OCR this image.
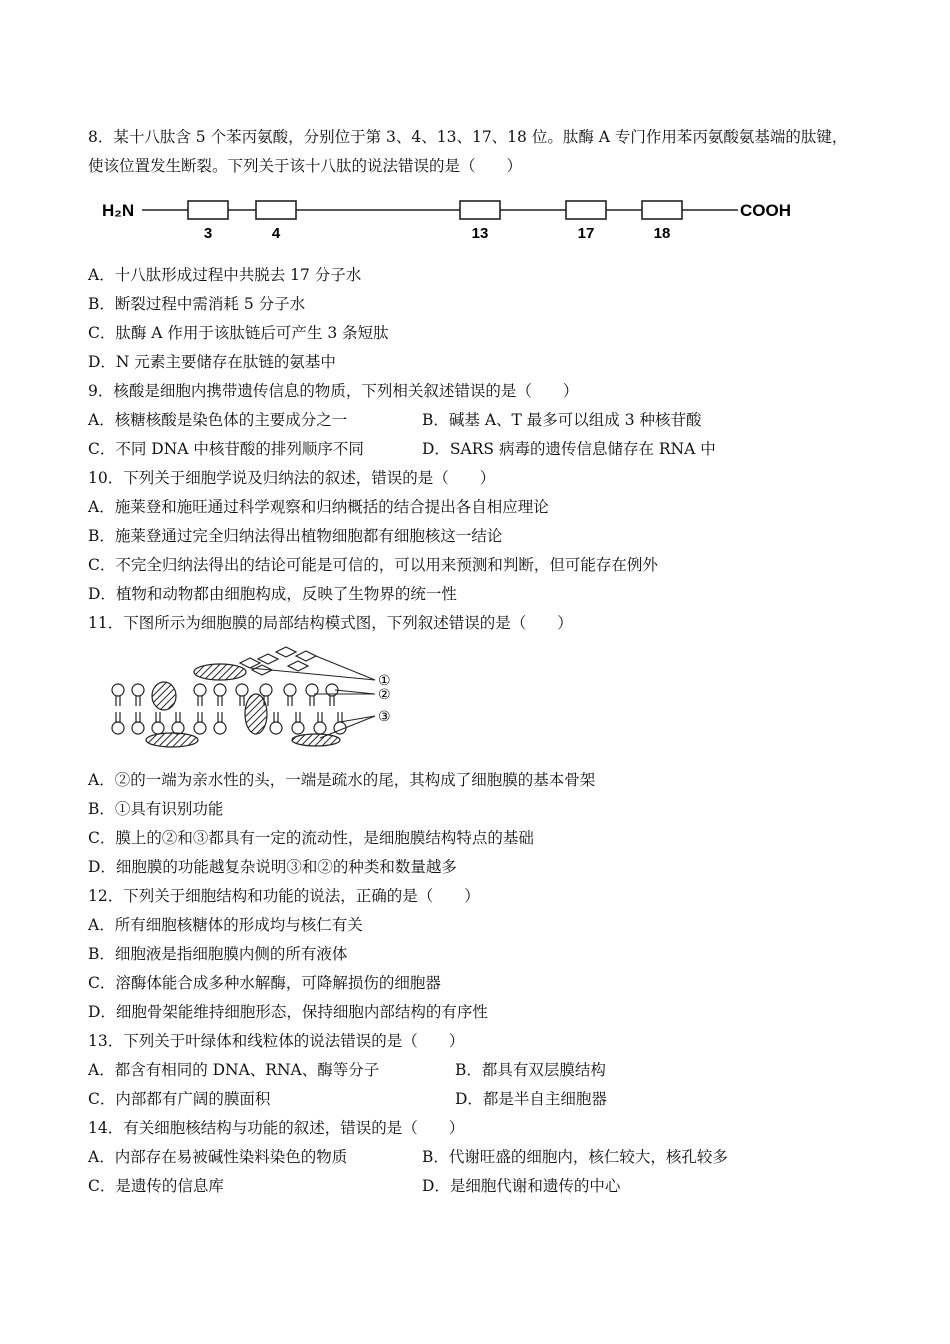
8．某十八肽含 5 个苯丙氨酸，分别位于第 3、4、13、17、18 位。肽酶 A 专门作用苯丙氨酸氨基端的肽键，
使该位置发生断裂。下列关于该十八肽的说法错误的是（　　）
H₂N
3	4	13	17	18
COOH
A．十八肽形成过程中共脱去 17 分子水
B．断裂过程中需消耗 5 分子水
C．肽酶 A 作用于该肽链后可产生 3 条短肽
D．N 元素主要储存在肽链的氨基中
9．核酸是细胞内携带遗传信息的物质，下列相关叙述错误的是（　　）
A．核糖核酸是染色体的主要成分之一	B．碱基 A、T 最多可以组成 3 种核苷酸
C．不同 DNA 中核苷酸的排列顺序不同	D．SARS 病毒的遗传信息储存在 RNA 中
10．下列关于细胞学说及归纳法的叙述，错误的是（　　）
A．施莱登和施旺通过科学观察和归纳概括的结合提出各自相应理论
B．施莱登通过完全归纳法得出植物细胞都有细胞核这一结论
C．不完全归纳法得出的结论可能是可信的，可以用来预测和判断，但可能存在例外
D．植物和动物都由细胞构成，反映了生物界的统一性
11．下图所示为细胞膜的局部结构模式图，下列叙述错误的是（　　）
①
②
③
A．②的一端为亲水性的头，一端是疏水的尾，其构成了细胞膜的基本骨架
B．①具有识别功能
C．膜上的②和③都具有一定的流动性，是细胞膜结构特点的基础
D．细胞膜的功能越复杂说明③和②的种类和数量越多
12．下列关于细胞结构和功能的说法，正确的是（　　）
A．所有细胞核糖体的形成均与核仁有关
B．细胞液是指细胞膜内侧的所有液体
C．溶酶体能合成多种水解酶，可降解损伤的细胞器
D．细胞骨架能维持细胞形态，保持细胞内部结构的有序性
13．下列关于叶绿体和线粒体的说法错误的是（　　）
A．都含有相同的 DNA、RNA、酶等分子	B．都具有双层膜结构
C．内部都有广阔的膜面积	D．都是半自主细胞器
14．有关细胞核结构与功能的叙述，错误的是（　　）
A．内部存在易被碱性染料染色的物质	B．代谢旺盛的细胞内，核仁较大，核孔较多
C．是遗传的信息库	D．是细胞代谢和遗传的中心
